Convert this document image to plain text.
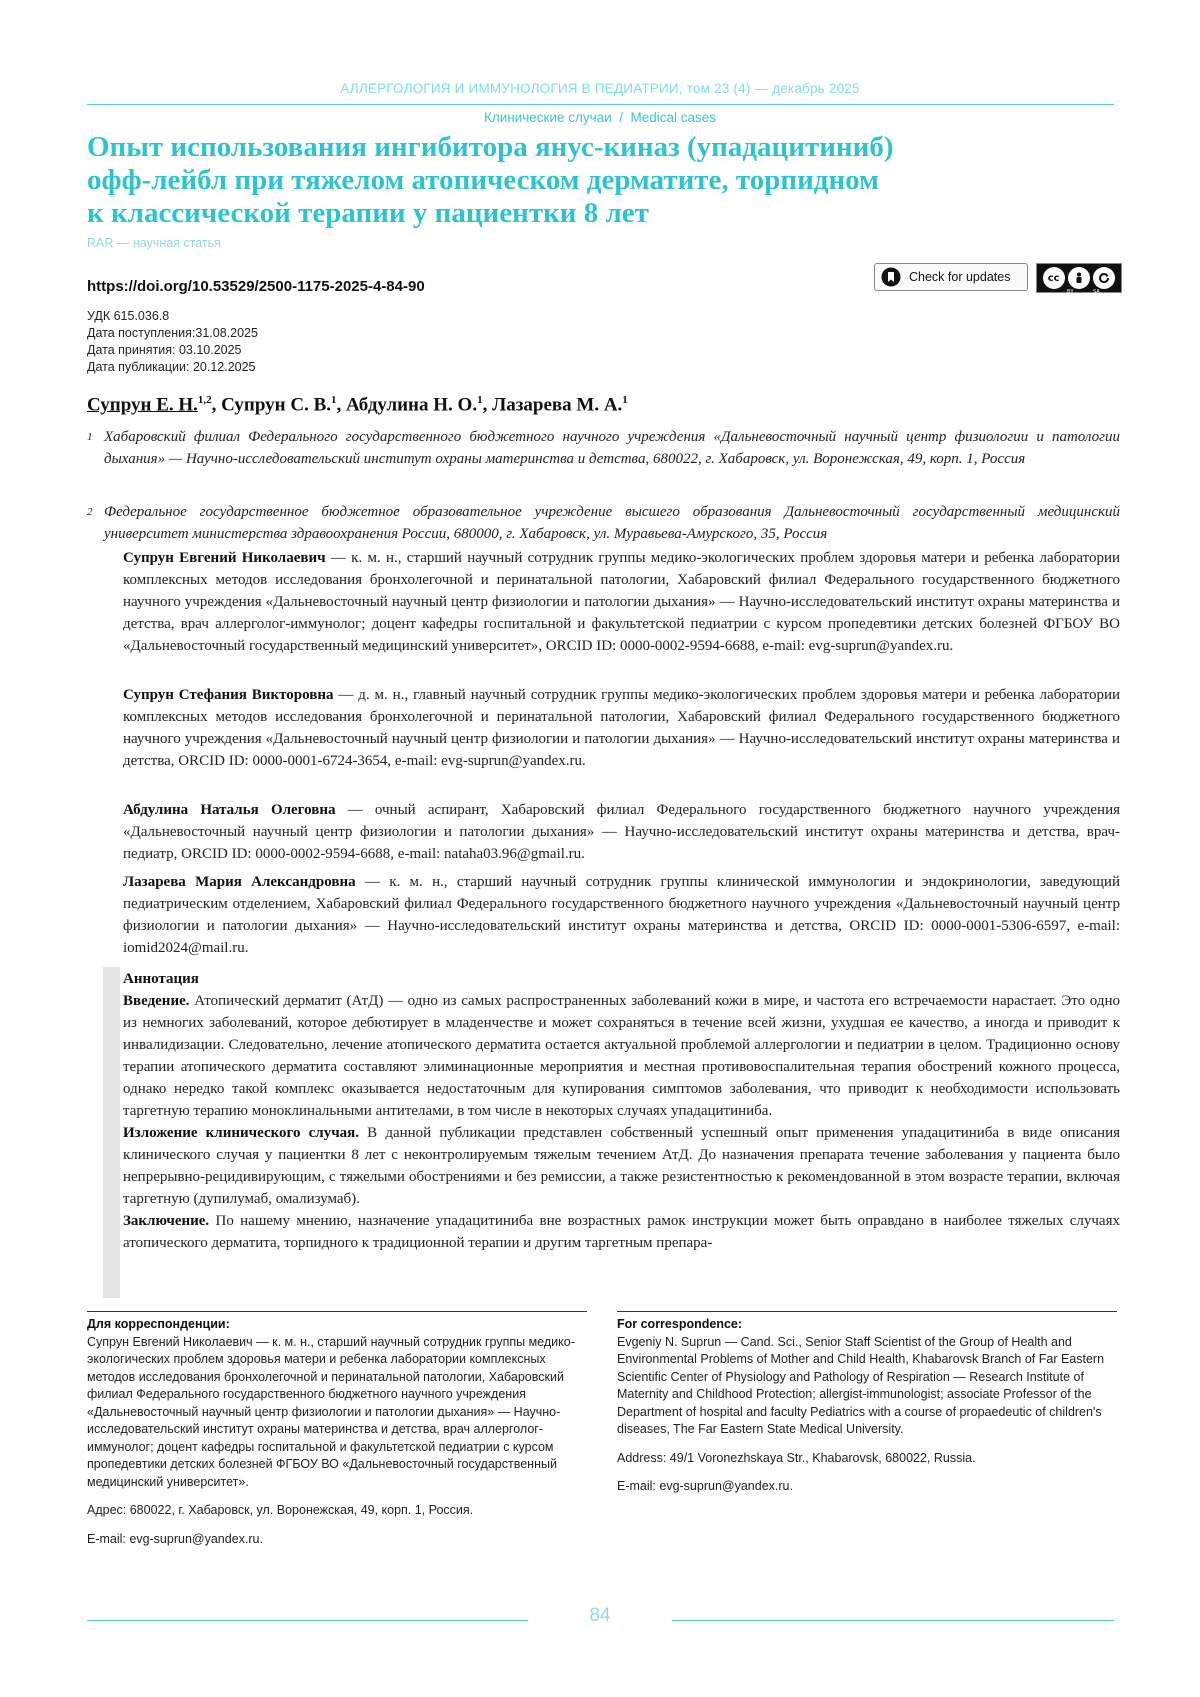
АЛЛЕРГОЛОГИЯ И ИММУНОЛОГИЯ В ПЕДИАТРИИ, том 23 (4) — декабрь 2025
Клинические случаи  /  Medical cases
Опыт использования ингибитора янус-киназ (упадацитиниб)
офф-лейбл при тяжелом атопическом дерматите, торпидном
к классической терапии у пациентки 8 лет
RAR — научная статья
https://doi.org/10.53529/2500-1175-2025-4-84-90
Check for updates	cc
BY	SA
УДК 615.036.8
Дата поступления:31.08.2025
Дата принятия: 03.10.2025
Дата публикации: 20.12.2025
Супрун Е. Н.$^{1,2}$, Супрун С. В.$^1$, Абдулина Н. О.$^1$, Лазарева М. А.$^1$
1 Хабаровский филиал Федерального государственного бюджетного научного учреждения «Дальневосточный научный центр физиологии и патологии дыхания» — Научно-исследовательский институт охраны материнства и детства, 680022, г. Хабаровск, ул. Воронежская, 49, корп. 1, Россия
2 Федеральное государственное бюджетное образовательное учреждение высшего образования Дальневосточный государственный медицинский университет министерства здравоохранения России, 680000, г. Хабаровск, ул. Муравьева-Амурского, 35, Россия
Супрун Евгений Николаевич — к. м. н., старший научный сотрудник группы медико-экологических проблем здоровья матери и ребенка лаборатории комплексных методов исследования бронхолегочной и перинатальной патологии, Хабаровский филиал Федерального государственного бюджетного научного учреждения «Дальневосточный научный центр физиологии и патологии дыхания» — Научно-исследовательский институт охраны материнства и детства, врач аллерголог-иммунолог; доцент кафедры госпитальной и факультетской педиатрии с курсом пропедевтики детских болезней ФГБОУ ВО «Дальневосточный государственный медицинский университет», ORCID ID: 0000-0002-9594-6688, e-mail: evg-suprun@yandex.ru.
Супрун Стефания Викторовна — д. м. н., главный научный сотрудник группы медико-экологических проблем здоровья матери и ребенка лаборатории комплексных методов исследования бронхолегочной и перинатальной патологии, Хабаровский филиал Федерального государственного бюджетного научного учреждения «Дальневосточный научный центр физиологии и патологии дыхания» — Научно-исследовательский институт охраны материнства и детства, ORCID ID: 0000-0001-6724-3654, e-mail: evg-suprun@yandex.ru.
Абдулина Наталья Олеговна — очный аспирант, Хабаровский филиал Федерального государственного бюджетного научного учреждения «Дальневосточный научный центр физиологии и патологии дыхания» — Научно-исследовательский институт охраны материнства и детства, врач-педиатр, ORCID ID: 0000-0002-9594-6688, e-mail: nataha03.96@gmail.ru.
Лазарева Мария Александровна — к. м. н., старший научный сотрудник группы клинической иммунологии и эндокринологии, заведующий педиатрическим отделением, Хабаровский филиал Федерального государственного бюджетного научного учреждения «Дальневосточный научный центр физиологии и патологии дыхания» — Научно-исследовательский институт охраны материнства и детства, ORCID ID: 0000-0001-5306-6597, e-mail: iomid2024@mail.ru.
Аннотация
Введение. Атопический дерматит (АтД) — одно из самых распространенных заболеваний кожи в мире, и частота его встречаемости нарастает. Это одно из немногих заболеваний, которое дебютирует в младенчестве и может сохраняться в течение всей жизни, ухудшая ее качество, а иногда и приводит к инвалидизации. Следовательно, лечение атопического дерматита остается актуальной проблемой аллергологии и педиатрии в целом. Традиционно основу терапии атопического дерматита составляют элиминационные мероприятия и местная противовоспалительная терапия обострений кожного процесса, однако нередко такой комплекс оказывается недостаточным для купирования симптомов заболевания, что приводит к необходимости использовать таргетную терапию моноклинальными антителами, в том числе в некоторых случаях упадацитиниба.
Изложение клинического случая. В данной публикации представлен собственный успешный опыт применения упадацитиниба в виде описания клинического случая у пациентки 8 лет с неконтролируемым тяжелым течением АтД. До назначения препарата течение заболевания у пациента было непрерывно-рецидивирующим, с тяжелыми обострениями и без ремиссии, а также резистентностью к рекомендованной в этом возрасте терапии, включая таргетную (дупилумаб, омализумаб).
Заключение. По нашему мнению, назначение упадацитиниба вне возрастных рамок инструкции может быть оправдано в наиболее тяжелых случаях атопического дерматита, торпидного к традиционной терапии и другим таргетным препара-
Для корреспонденции:
Супрун Евгений Николаевич — к. м. н., старший научный сотрудник группы медико-экологических проблем здоровья матери и ребенка лаборатории комплексных методов исследования бронхолегочной и перинатальной патологии, Хабаровский филиал Федерального государственного бюджетного научного учреждения «Дальневосточный научный центр физиологии и патологии дыхания» — Научно-исследовательский институт охраны материнства и детства, врач аллерголог-иммунолог; доцент кафедры госпитальной и факультетской педиатрии с курсом пропедевтики детских болезней ФГБОУ ВО «Дальневосточный государственный медицинский университет».
Адрес: 680022, г. Хабаровск, ул. Воронежская, 49, корп. 1, Россия.
E-mail: evg-suprun@yandex.ru.
For correspondence:
Evgeniy N. Suprun — Cand. Sci., Senior Staff Scientist of the Group of Health and Environmental Problems of Mother and Child Health, Khabarovsk Branch of Far Eastern Scientific Center of Physiology and Pathology of Respiration — Research Institute of Maternity and Childhood Protection; allergist-immunologist; associate Professor of the Department of hospital and faculty Pediatrics with a course of propaedeutic of children's diseases, The Far Eastern State Medical University.
Address: 49/1 Voronezhskaya Str., Khabarovsk, 680022, Russia.
E-mail: evg-suprun@yandex.ru.
84
